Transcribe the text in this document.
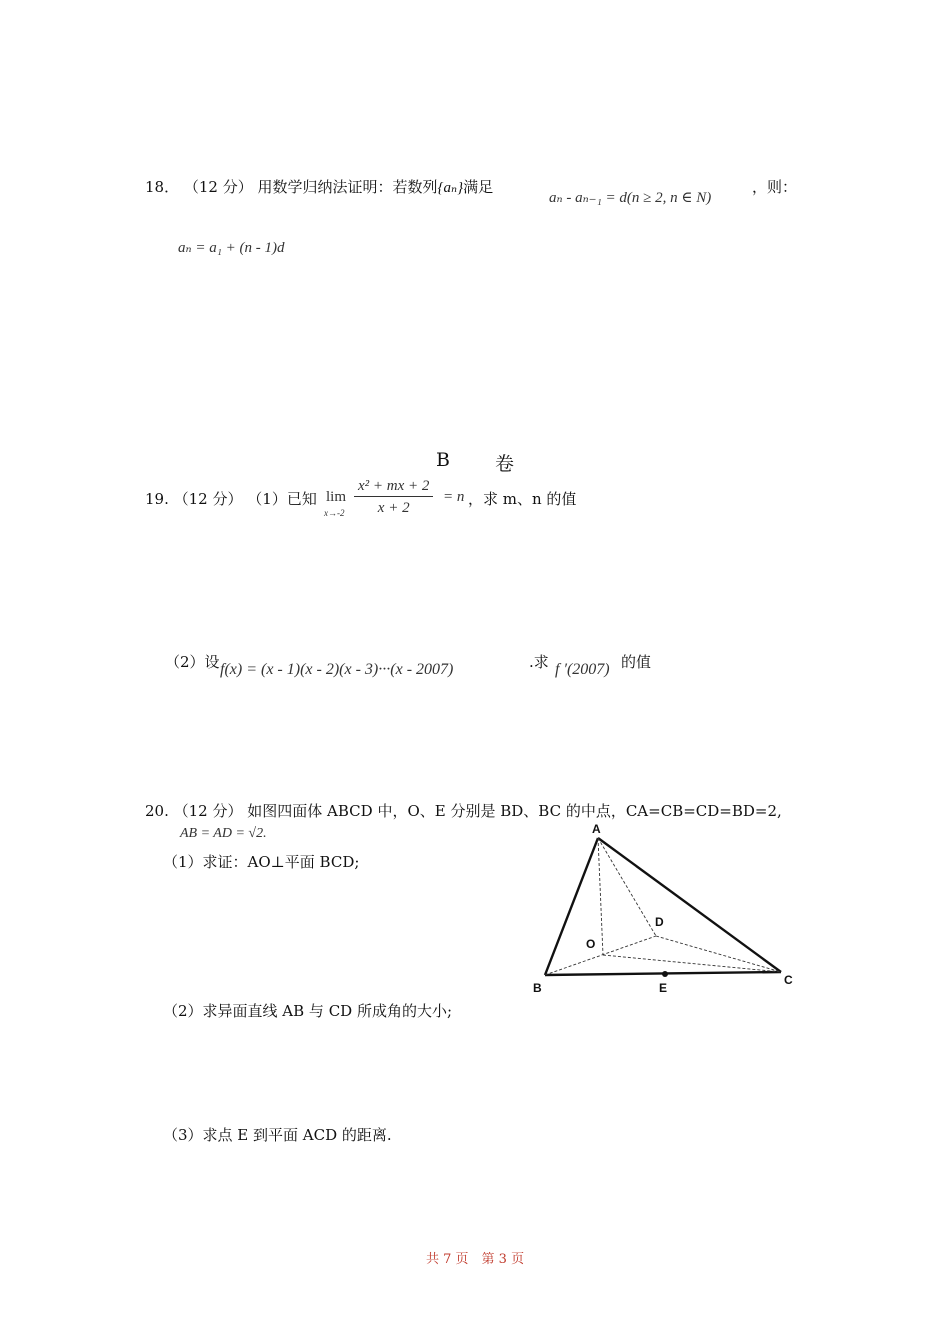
18． （12 分） 用数学归纳法证明：若数列{aₙ}满足
aₙ - aₙ₋₁ = d(n ≥ 2, n ∈ N)
，则：
aₙ = a₁ + (n - 1)d
B 卷
19. （12 分） （1）已知 lim
$x\to-2 \frac{\text{x² + mx + 2}}{x + 2} = n$ ，求 m、n 的值
（2）设 f(x) = (x - 1)(x - 2)(x - 3)···(x - 2007)	.求 f ′(2007) 的值
20. （12 分） 如图四面体 ABCD 中，O、E 分别是 BD、BC 的中点，CA=CB=CD=BD=2,
AB = AD = √2.
（1）求证：AO⊥平面 BCD;
（2）求异面直线 AB 与 CD 所成角的大小;
（3）求点 E 到平面 ACD 的距离.
A
B
C
D
O
E
共 7 页　第 3 页
